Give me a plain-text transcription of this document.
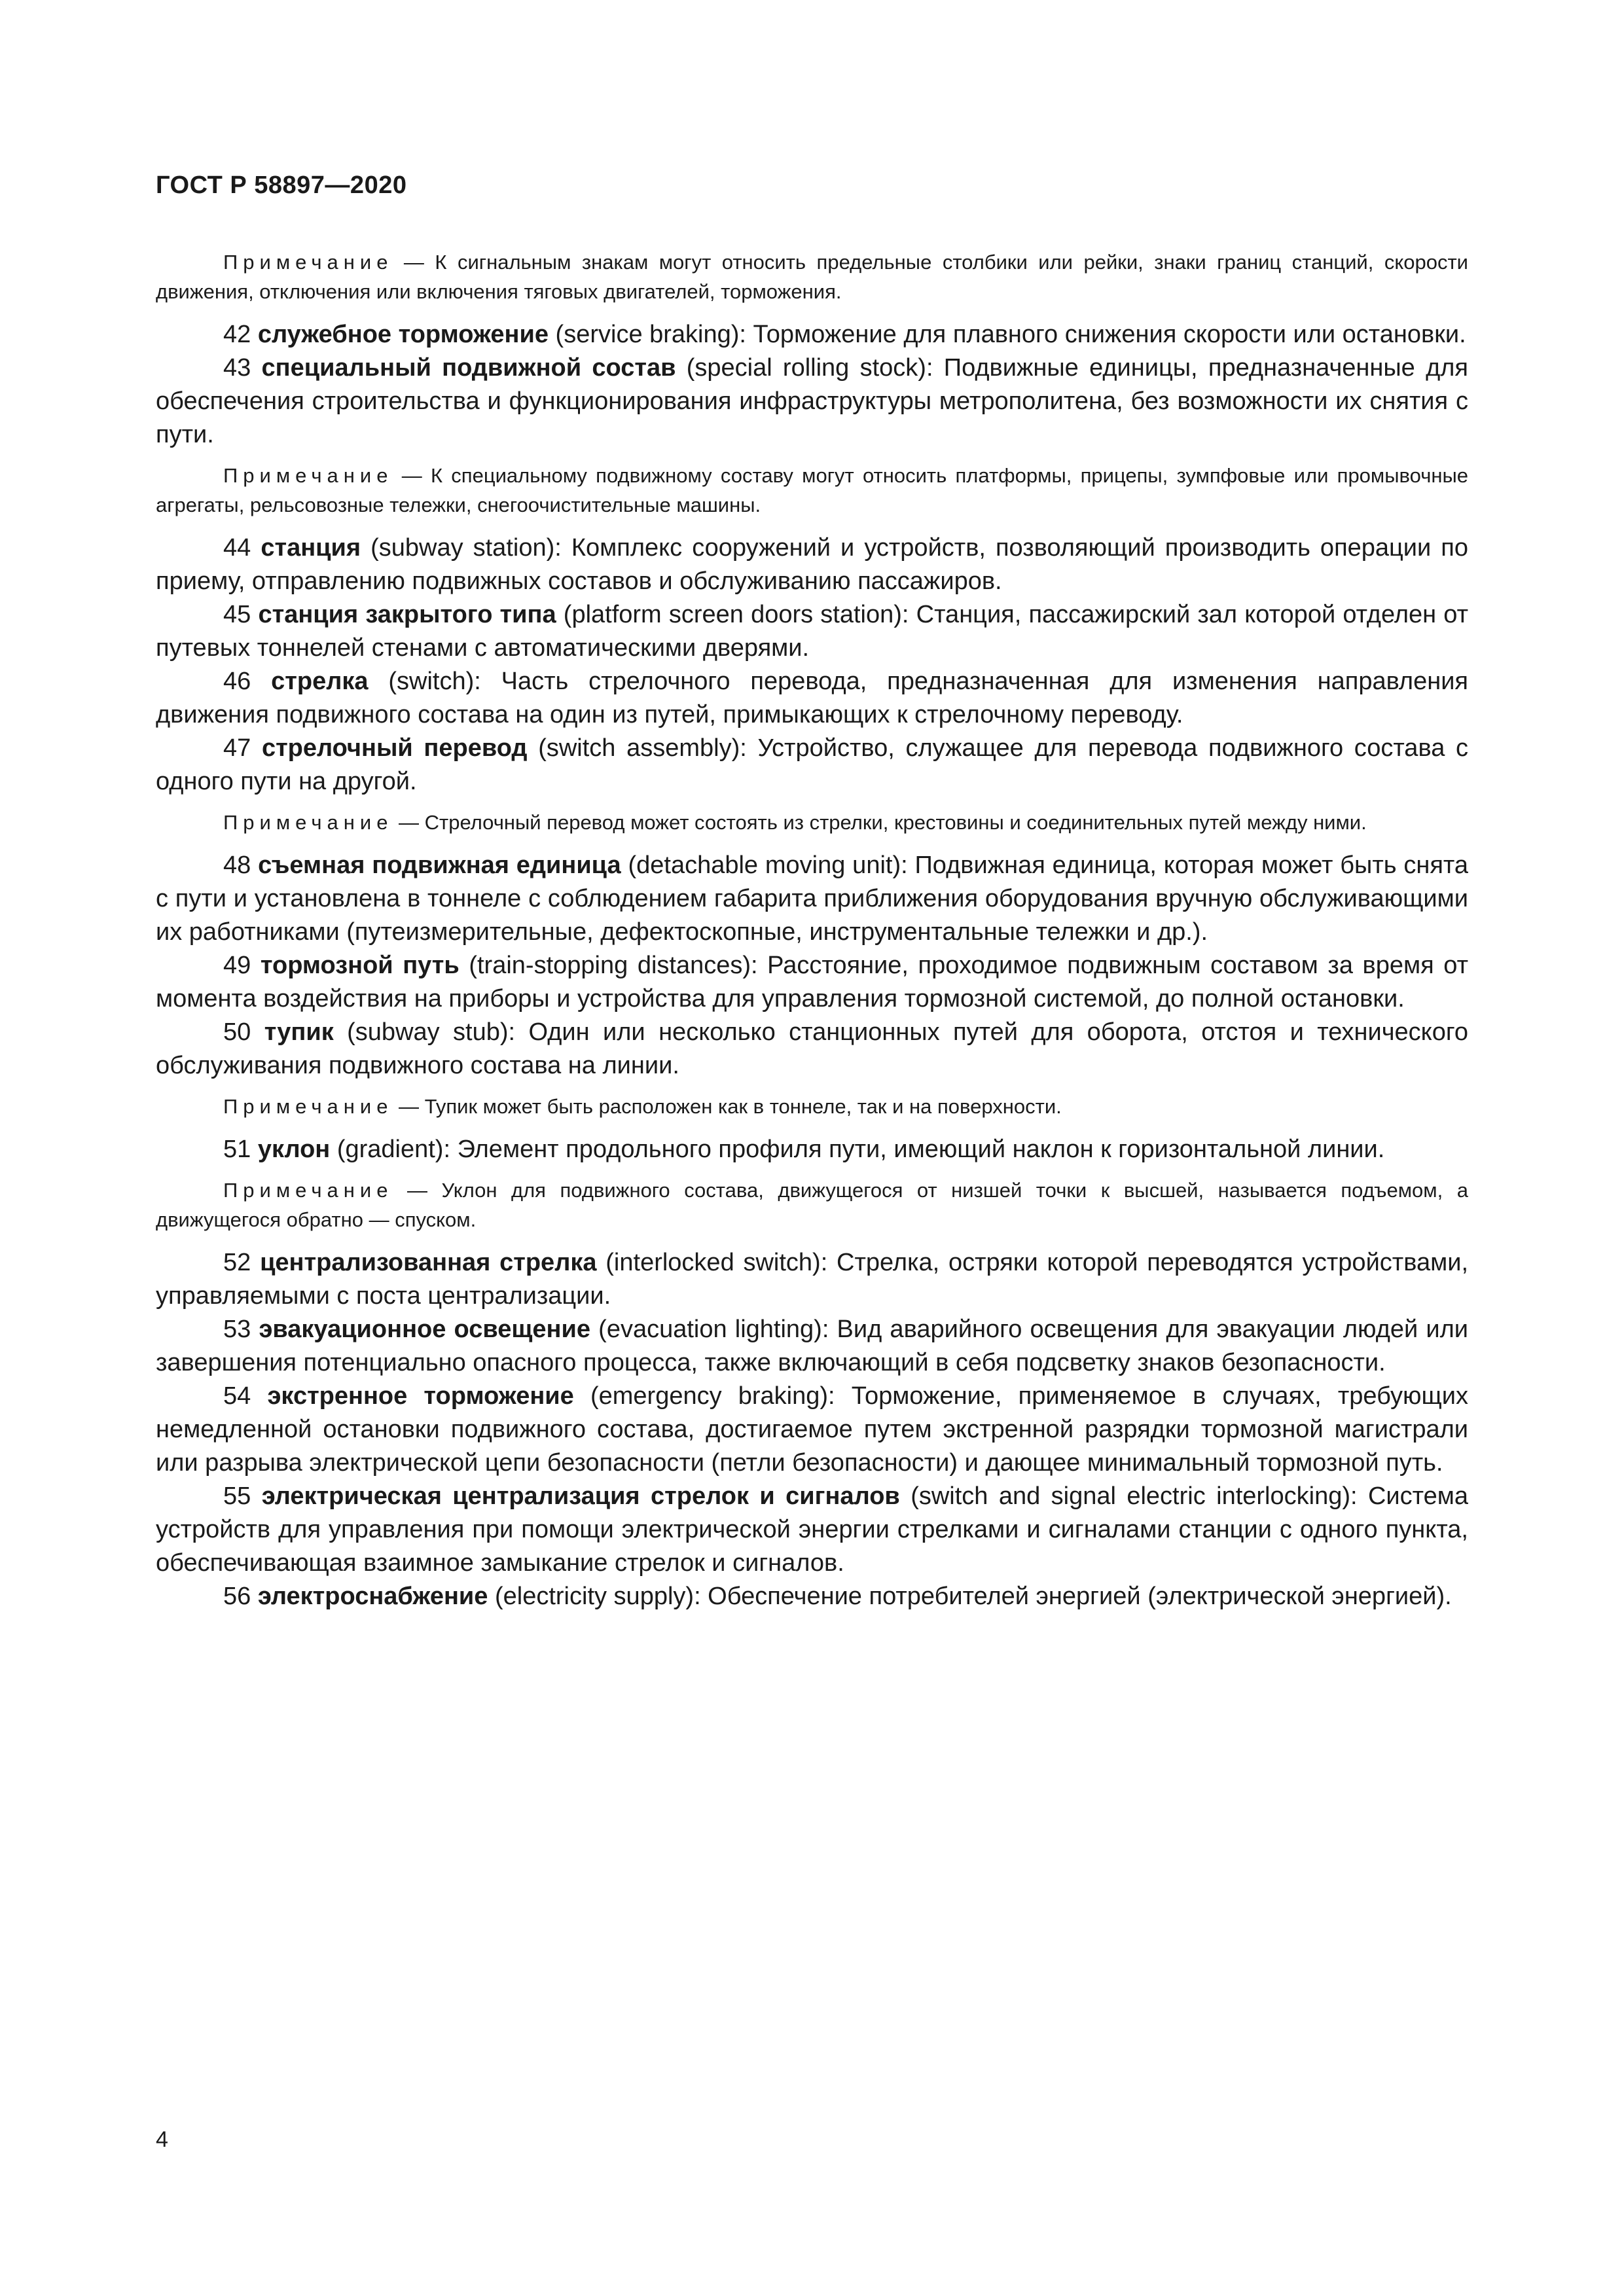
ГОСТ Р 58897—2020

Примечание — К сигнальным знакам могут относить предельные столбики или рейки, знаки границ станций, скорости движения, отключения или включения тяговых двигателей, торможения.

42 служебное торможение (service braking): Торможение для плавного снижения скорости или остановки.

43 специальный подвижной состав (special rolling stock): Подвижные единицы, предназначенные для обеспечения строительства и функционирования инфраструктуры метрополитена, без возможности их снятия с пути.

Примечание — К специальному подвижному составу могут относить платформы, прицепы, зумпфовые или промывочные агрегаты, рельсовозные тележки, снегоочистительные машины.

44 станция (subway station): Комплекс сооружений и устройств, позволяющий производить операции по приему, отправлению подвижных составов и обслуживанию пассажиров.

45 станция закрытого типа (platform screen doors station): Станция, пассажирский зал которой отделен от путевых тоннелей стенами с автоматическими дверями.

46 стрелка (switch): Часть стрелочного перевода, предназначенная для изменения направления движения подвижного состава на один из путей, примыкающих к стрелочному переводу.

47 стрелочный перевод (switch assembly): Устройство, служащее для перевода подвижного состава с одного пути на другой.

Примечание — Стрелочный перевод может состоять из стрелки, крестовины и соединительных путей между ними.

48 съемная подвижная единица (detachable moving unit): Подвижная единица, которая может быть снята с пути и установлена в тоннеле с соблюдением габарита приближения оборудования вручную обслуживающими их работниками (путеизмерительные, дефектоскопные, инструментальные тележки и др.).

49 тормозной путь (train-stopping distances): Расстояние, проходимое подвижным составом за время от момента воздействия на приборы и устройства для управления тормозной системой, до полной остановки.

50 тупик (subway stub): Один или несколько станционных путей для оборота, отстоя и технического обслуживания подвижного состава на линии.

Примечание — Тупик может быть расположен как в тоннеле, так и на поверхности.

51 уклон (gradient): Элемент продольного профиля пути, имеющий наклон к горизонтальной линии.

Примечание — Уклон для подвижного состава, движущегося от низшей точки к высшей, называется подъемом, а движущегося обратно — спуском.

52 централизованная стрелка (interlocked switch): Стрелка, остряки которой переводятся устройствами, управляемыми с поста централизации.

53 эвакуационное освещение (evacuation lighting): Вид аварийного освещения для эвакуации людей или завершения потенциально опасного процесса, также включающий в себя подсветку знаков безопасности.

54 экстренное торможение (emergency braking): Торможение, применяемое в случаях, требующих немедленной остановки подвижного состава, достигаемое путем экстренной разрядки тормозной магистрали или разрыва электрической цепи безопасности (петли безопасности) и дающее минимальный тормозной путь.

55 электрическая централизация стрелок и сигналов (switch and signal electric interlocking): Система устройств для управления при помощи электрической энергии стрелками и сигналами станции с одного пункта, обеспечивающая взаимное замыкание стрелок и сигналов.

56 электроснабжение (electricity supply): Обеспечение потребителей энергией (электрической энергией).

4
